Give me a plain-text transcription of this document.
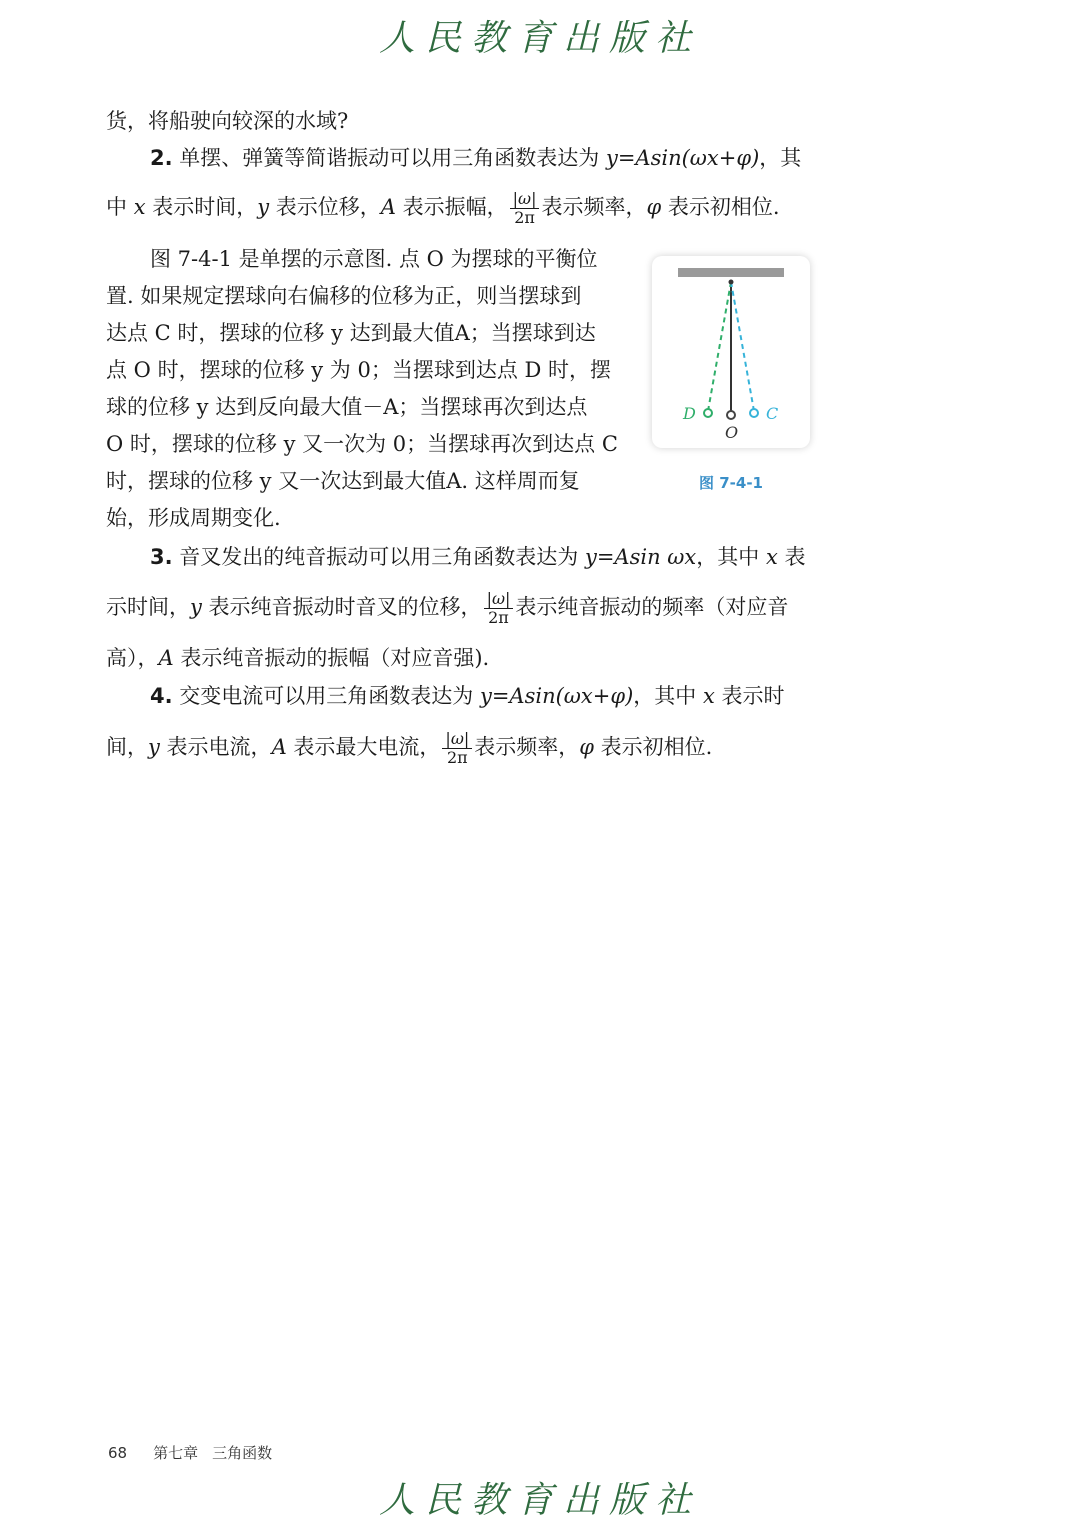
人民教育出版社
货，将船驶向较深的水域?
2. 单摆、弹簧等简谐振动可以用三角函数表达为 y=Asin(ωx+φ)，其
中 x 表示时间，y 表示位移，A 表示振幅， $\frac{|\omega|}{2\pi}$ 表示频率，φ 表示初相位.
图 7-4-1 是单摆的示意图. 点 O 为摆球的平衡位
置. 如果规定摆球向右偏移的位移为正，则当摆球到
达点 C 时，摆球的位移 y 达到最大值A；当摆球到达
点 O 时，摆球的位移 y 为 0；当摆球到达点 D 时，摆
球的位移 y 达到反向最大值－A；当摆球再次到达点
O 时，摆球的位移 y 又一次为 0；当摆球再次到达点 C
时，摆球的位移 y 又一次达到最大值A. 这样周而复
始，形成周期变化.
D	C
O
图 7-4-1
3. 音叉发出的纯音振动可以用三角函数表达为 y=Asin ωx，其中 x 表
示时间，y 表示纯音振动时音叉的位移， $\frac{|\omega|}{2\pi}$ 表示纯音振动的频率（对应音
高），A 表示纯音振动的振幅（对应音强).
4. 交变电流可以用三角函数表达为 y=Asin(ωx+φ)，其中 x 表示时
间，y 表示电流，A 表示最大电流， $\frac{|\omega|}{2\pi}$ 表示频率，φ 表示初相位.
68 第七章 三角函数
人民教育出版社
